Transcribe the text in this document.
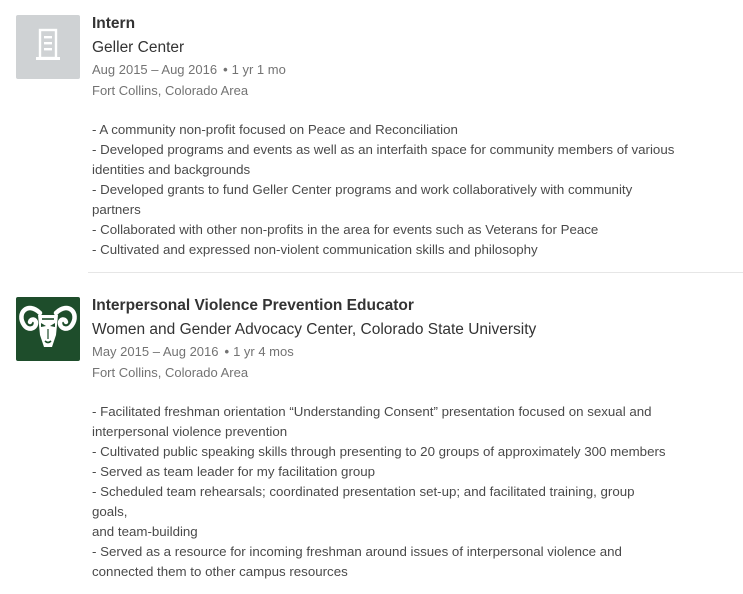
Intern
Geller Center
Aug 2015 – Aug 2016 • 1 yr 1 mo
Fort Collins, Colorado Area
- A community non-profit focused on Peace and Reconciliation
- Developed programs and events as well as an interfaith space for community members of various
identities and backgrounds
- Developed grants to fund Geller Center programs and work collaboratively with community
partners
- Collaborated with other non-profits in the area for events such as Veterans for Peace
- Cultivated and expressed non-violent communication skills and philosophy
Interpersonal Violence Prevention Educator
Women and Gender Advocacy Center, Colorado State University
May 2015 – Aug 2016 • 1 yr 4 mos
Fort Collins, Colorado Area
- Facilitated freshman orientation “Understanding Consent” presentation focused on sexual and
interpersonal violence prevention
- Cultivated public speaking skills through presenting to 20 groups of approximately 300 members
- Served as team leader for my facilitation group
- Scheduled team rehearsals; coordinated presentation set-up; and facilitated training, group
goals,
and team-building
- Served as a resource for incoming freshman around issues of interpersonal violence and
connected them to other campus resources
